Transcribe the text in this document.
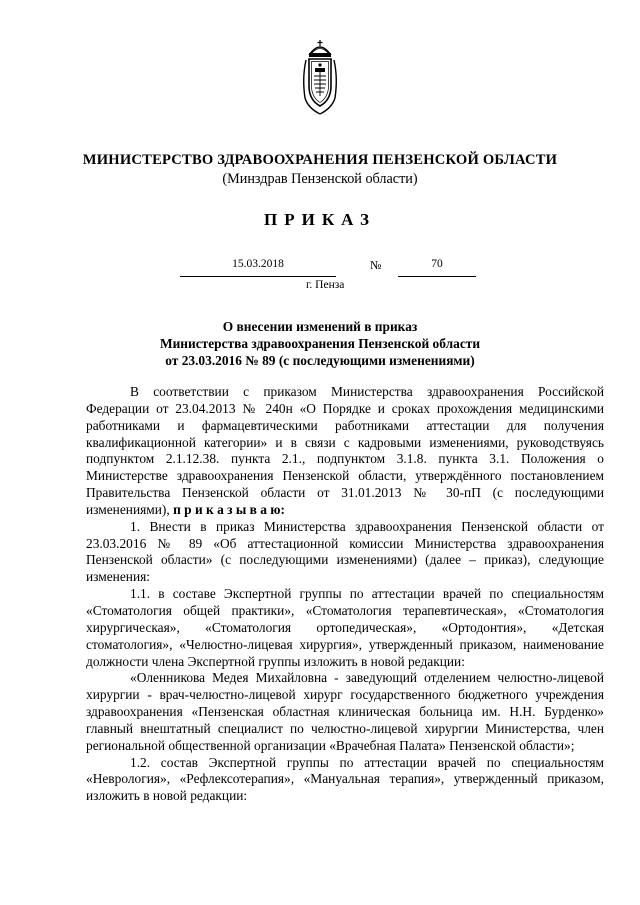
МИНИСТЕРСТВО ЗДРАВООХРАНЕНИЯ ПЕНЗЕНСКОЙ ОБЛАСТИ
(Минздрав Пензенской области)
ПРИКАЗ
15.03.2018	№	70
г. Пенза
О внесении изменений в приказ
Министерства здравоохранения Пензенской области
от 23.03.2016 № 89 (с последующими изменениями)

В соответствии с приказом Министерства здравоохранения Российской Федерации от 23.04.2013 № 240н «О Порядке и сроках прохождения медицинскими работниками и фармацевтическими работниками аттестации для получения квалификационной категории» и в связи с кадровыми изменениями, руководствуясь подпунктом 2.1.12.38. пункта 2.1., подпунктом 3.1.8. пункта 3.1. Положения о Министерстве здравоохранения Пензенской области, утверждённого постановлением Правительства Пензенской области от 31.01.2013 № 30-пП (с последующими изменениями), п р и к а з ы в а ю:

1. Внести в приказ Министерства здравоохранения Пензенской области от 23.03.2016 № 89 «Об аттестационной комиссии Министерства здравоохранения Пензенской области» (с последующими изменениями) (далее – приказ), следующие изменения:

1.1. в составе Экспертной группы по аттестации врачей по специальностям «Стоматология общей практики», «Стоматология терапевтическая», «Стоматология хирургическая», «Стоматология ортопедическая», «Ортодонтия», «Детская стоматология», «Челюстно-лицевая хирургия», утвержденный приказом, наименование должности члена Экспертной группы изложить в новой редакции:

«Оленникова Медея Михайловна - заведующий отделением челюстно-лицевой хирургии - врач-челюстно-лицевой хирург государственного бюджетного учреждения здравоохранения «Пензенская областная клиническая больница им. Н.Н. Бурденко» главный внештатный специалист по челюстно-лицевой хирургии Министерства, член региональной общественной организации «Врачебная Палата» Пензенской области»;

1.2. состав Экспертной группы по аттестации врачей по специальностям «Неврология», «Рефлексотерапия», «Мануальная терапия», утвержденный приказом, изложить в новой редакции:
